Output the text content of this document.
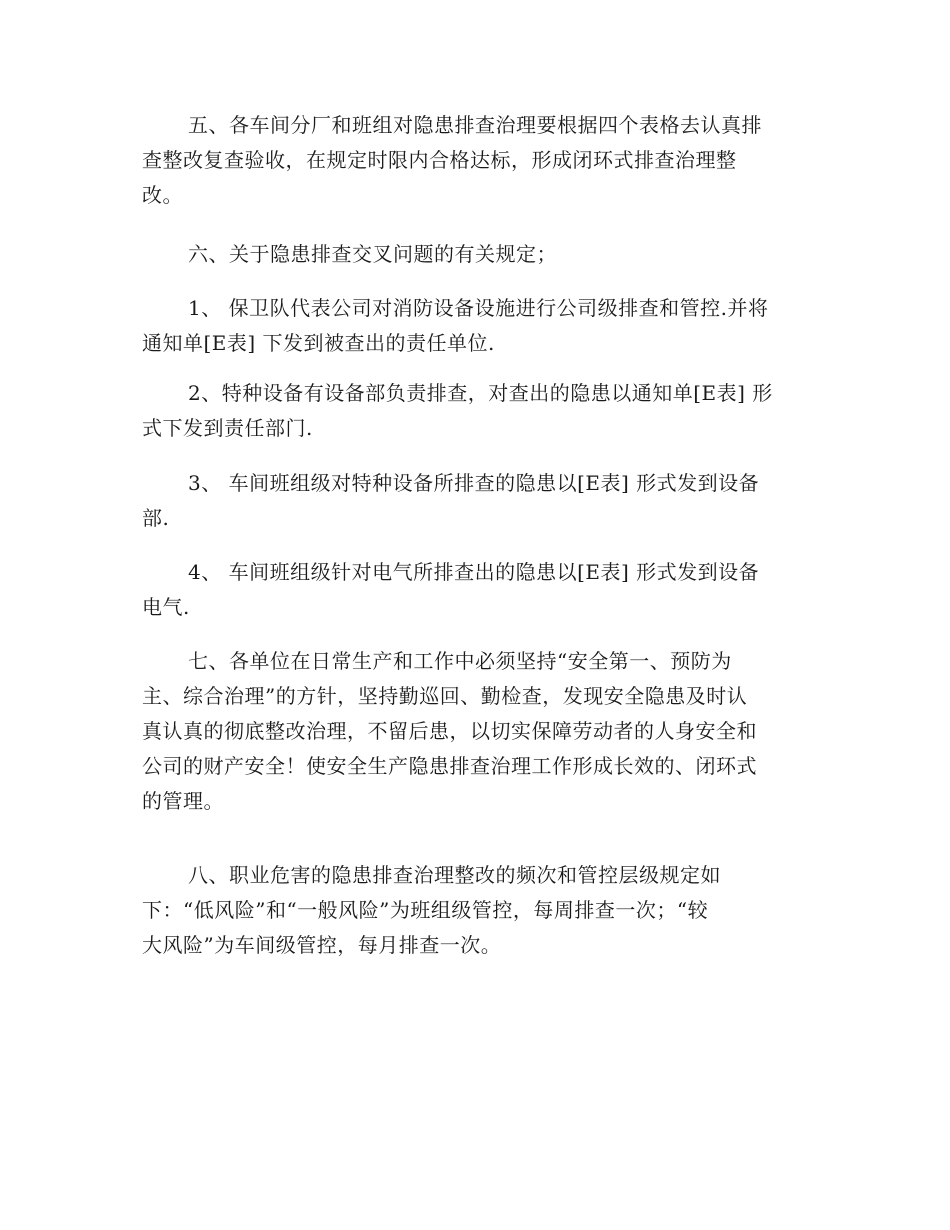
五、各车间分厂和班组对隐患排查治理要根据四个表格去认真排
查整改复查验收，在规定时限内合格达标，形成闭环式排查治理整
改。
六、关于隐患排查交叉问题的有关规定；
1、 保卫队代表公司对消防设备设施进行公司级排查和管控.并将
通知单[E表] 下发到被查出的责任单位.
2、特种设备有设备部负责排查，对查出的隐患以通知单[E表] 形
式下发到责任部门.
3、 车间班组级对特种设备所排查的隐患以[E表] 形式发到设备
部.
4、 车间班组级针对电气所排查出的隐患以[E表] 形式发到设备
电气.
七、各单位在日常生产和工作中必须坚持“安全第一、预防为
主、综合治理”的方针，坚持勤巡回、勤检查，发现安全隐患及时认
真认真的彻底整改治理，不留后患，以切实保障劳动者的人身安全和
公司的财产安全！使安全生产隐患排查治理工作形成长效的、闭环式
的管理。
八、职业危害的隐患排查治理整改的频次和管控层级规定如
下：“低风险”和“一般风险”为班组级管控，每周排查一次；“较
大风险”为车间级管控，每月排查一次。
